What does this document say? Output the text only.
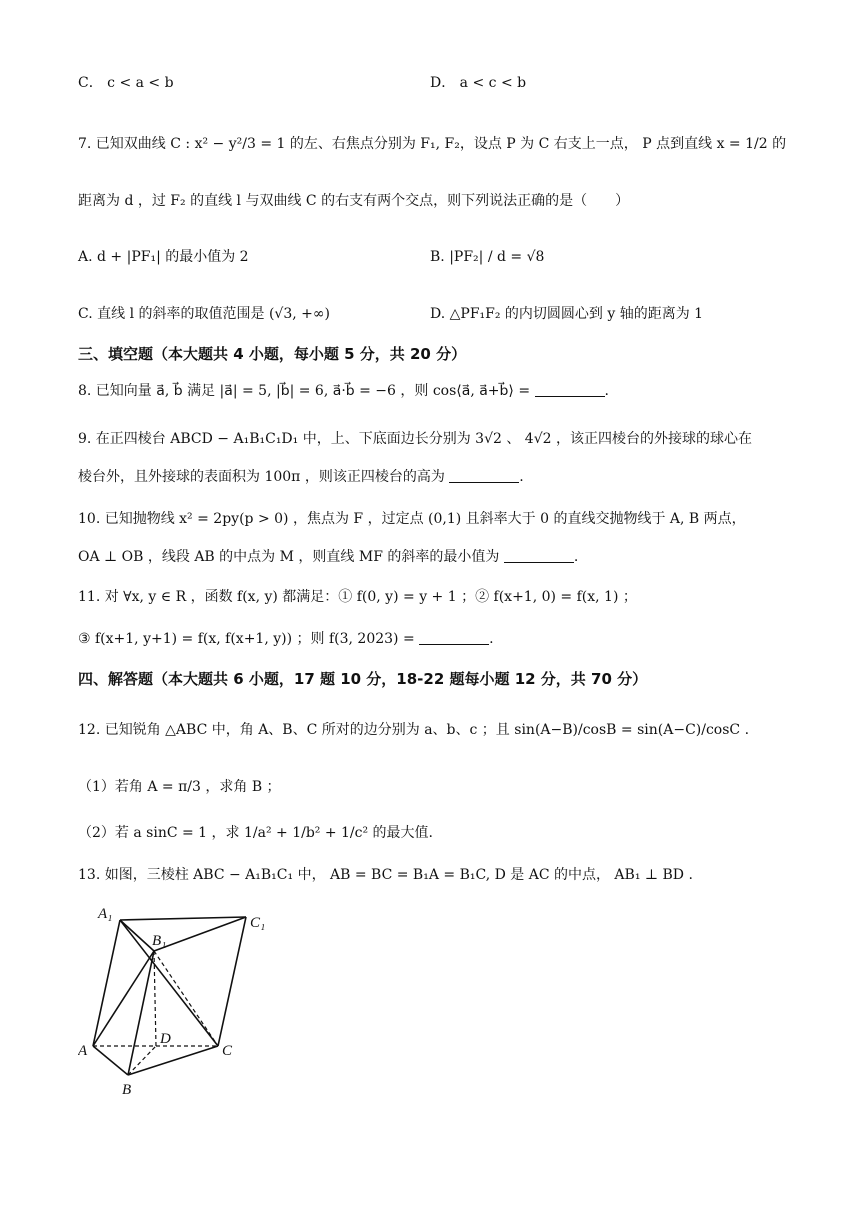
C． c < a < b	D． a < c < b
7. 已知双曲线 C : x² − y²/3 = 1 的左、右焦点分别为 F₁, F₂，设点 P 为 C 右支上一点， P 点到直线 x = 1/2 的
距离为 d ，过 F₂ 的直线 l 与双曲线 C 的右支有两个交点，则下列说法正确的是（　　）
A. d + |PF₁| 的最小值为 2	B. |PF₂| / d = √8
C. 直线 l 的斜率的取值范围是 (√3, +∞)	D. △PF₁F₂ 的内切圆圆心到 y 轴的距离为 1
三、填空题（本大题共 4 小题，每小题 5 分，共 20 分）
8. 已知向量 a⃗, b⃗ 满足 |a⃗| = 5, |b⃗| = 6, a⃗·b⃗ = −6 ，则 cos⟨a⃗, a⃗+b⃗⟩ =	.
9. 在正四棱台 ABCD − A₁B₁C₁D₁ 中，上、下底面边长分别为 3√2 、 4√2 ，该正四棱台的外接球的球心在
棱台外，且外接球的表面积为 100π ，则该正四棱台的高为	.
10. 已知抛物线 x² = 2py(p > 0) ，焦点为 F ，过定点 (0,1) 且斜率大于 0 的直线交抛物线于 A, B 两点，
OA ⊥ OB ，线段 AB 的中点为 M ，则直线 MF 的斜率的最小值为	.
11. 对 ∀x, y ∈ R ，函数 f(x, y) 都满足：① f(0, y) = y + 1 ；② f(x+1, 0) = f(x, 1) ；
③ f(x+1, y+1) = f(x, f(x+1, y)) ；则 f(3, 2023) =	.
四、解答题（本大题共 6 小题，17 题 10 分，18-22 题每小题 12 分，共 70 分）
12. 已知锐角 △ABC 中，角 A、B、C 所对的边分别为 a、b、c ；且 sin(A−B)/cosB = sin(A−C)/cosC .
（1）若角 A = π/3 ，求角 B ；
（2）若 a sinC = 1 ，求 1/a² + 1/b² + 1/c² 的最大值.
13. 如图，三棱柱 ABC − A₁B₁C₁ 中， AB = BC = B₁A = B₁C, D 是 AC 的中点， AB₁ ⊥ BD .
A₁
C₁
B₁
A
D
C
B
